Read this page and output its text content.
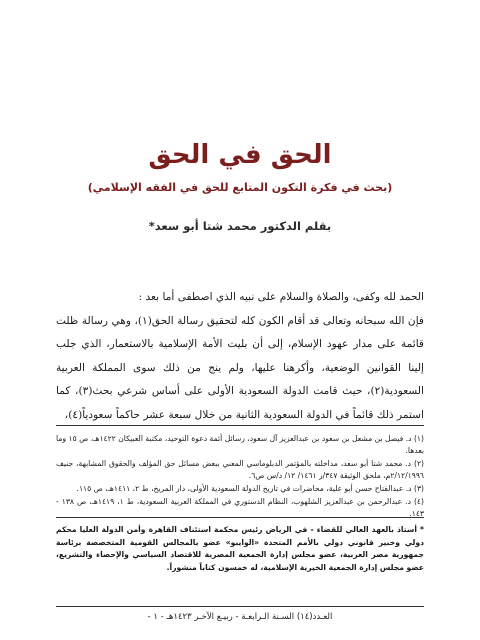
الحق في الحق
(بحث في فكرة التكون المتابع للحق في الفقه الإسلامي)
بقلم الدكتور محمد شتا أبو سعد*

الحمد لله وكفى، والصلاة والسلام على نبيه الذي اصطفى أما بعد :

فإن الله سبحانه وتعالى قد أقام الكون كله لتحقيق رسالة الحق(١)، وهي رسالة ظلت قائمة على مدار عهود الإسلام، إلى أن بليت الأمة الإسلامية بالاستعمار، الذي جلب إلينا القوانين الوضعية، وأكرهنا عليها، ولم ينج من ذلك سوى المملكة العربية السعودية(٢)، حيث قامت الدولة السعودية الأولى على أساس شرعي بحث(٣)، كما استمر ذلك قائماً في الدولة السعودية الثانية من خلال سبعة عشر حاكماً سعودياً(٤)،

(١) د. فيصل بن مشعل بن سعود بن عبدالعزيز آل سعود، رسائل أئمة دعوة التوحيد، مكتبة العبيكان ١٤٢٢هـ، ص ١٥ وما بعدها.

(٢) د. محمد شتا أبو سعد، مداخلته بالمؤتمر الدبلوماسي المعني ببعض مسائل حق المؤلف والحقوق المشابهة، جنيف ٢/١٢/١٩٩٦م، ملحق الوثيقة ٣٤٧/ر ١٤٦١/ ١٢/ د/س ص٦.

(٣) د. عبدالفتاح حسن أبو علية، محاضرات في تاريخ الدولة السعودية الأولى، دار المريخ، ط ٢، ١٤١١هـ، ص ١١٥.

(٤) د. عبدالرحمن بن عبدالعزيز الشلهوب، النظام الدستوري في المملكة العربية السعودية، ط ١، ١٤١٩هـ، ص ١٣٨ - ١٤٣.

* أستاذ بالعهد العالي للقضاء - في الرياض رئيس محكمة استئناف القاهرة وأمن الدولة العليا محكم دولي وخبير قانوني دولي بالأمم المتحدة «الوايبو» عضو بالمجالس القومية المتخصصة برئاسة جمهورية مصر العربية، عضو مجلس إدارة الجمعية المصرية للاقتصاد السياسي والإحصاء والتشريع، عضو مجلس إدارة الجمعية الخيرية الإسلامية، له خمسون كتاباً منشوراً.
العـدد(١٤) السـنة الـرابعـة - ربيـع الآخـر ١٤٢٣هـ - ١ -
